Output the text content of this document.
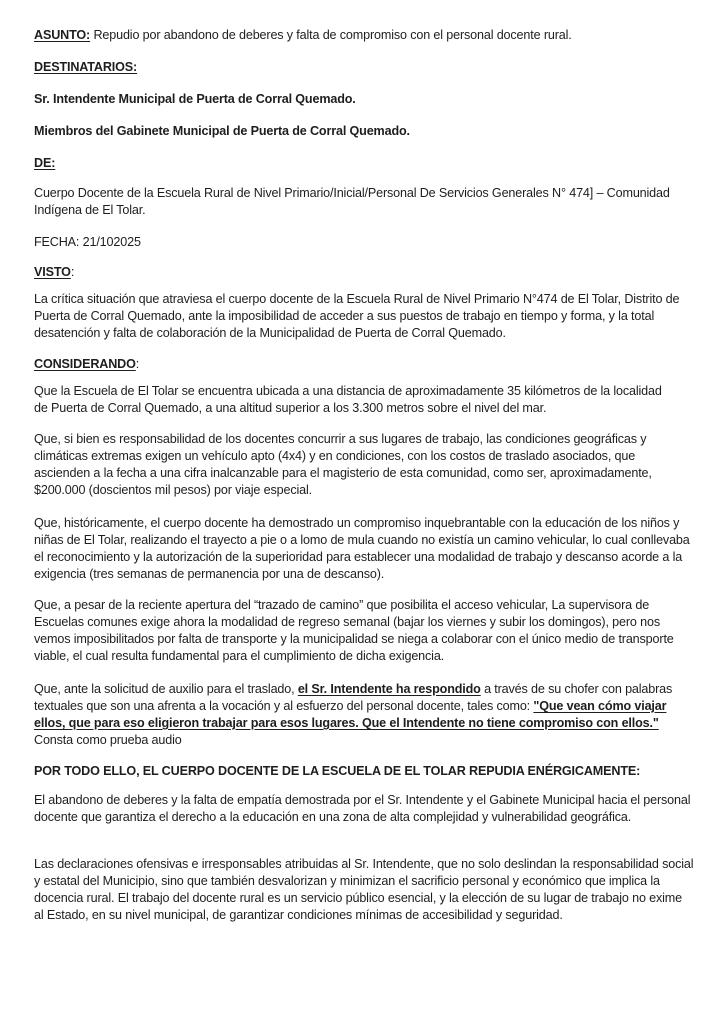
ASUNTO: Repudio por abandono de deberes y falta de compromiso con el personal docente rural.

DESTINATARIOS:

Sr. Intendente Municipal de Puerta de Corral Quemado.

Miembros del Gabinete Municipal de Puerta de Corral Quemado.

DE:

Cuerpo Docente de la Escuela Rural de Nivel Primario/Inicial/Personal De Servicios Generales N° 474] – Comunidad Indígena de El Tolar.

FECHA: 21/102025

VISTO:

La crítica situación que atraviesa el cuerpo docente de la Escuela Rural de Nivel Primario N°474 de El Tolar, Distrito de Puerta de Corral Quemado, ante la imposibilidad de acceder a sus puestos de trabajo en tiempo y forma, y la total desatención y falta de colaboración de la Municipalidad de Puerta de Corral Quemado.

CONSIDERANDO:

Que la Escuela de El Tolar se encuentra ubicada a una distancia de aproximadamente 35 kilómetros de la localidad de Puerta de Corral Quemado, a una altitud superior a los 3.300 metros sobre el nivel del mar.

Que, si bien es responsabilidad de los docentes concurrir a sus lugares de trabajo, las condiciones geográficas y climáticas extremas exigen un vehículo apto (4x4) y en condiciones, con los costos de traslado asociados, que ascienden a la fecha a una cifra inalcanzable para el magisterio de esta comunidad, como ser, aproximadamente, $200.000 (doscientos mil pesos) por viaje especial.

Que, históricamente, el cuerpo docente ha demostrado un compromiso inquebrantable con la educación de los niños y niñas de El Tolar, realizando el trayecto a pie o a lomo de mula cuando no existía un camino vehicular, lo cual conllevaba el reconocimiento y la autorización de la superioridad para establecer una modalidad de trabajo y descanso acorde a la exigencia (tres semanas de permanencia por una de descanso).

Que, a pesar de la reciente apertura del “trazado de camino” que posibilita el acceso vehicular, La supervisora de Escuelas comunes exige ahora la modalidad de regreso semanal (bajar los viernes y subir los domingos), pero nos vemos imposibilitados por falta de transporte y la municipalidad se niega a colaborar con el único medio de transporte viable, el cual resulta fundamental para el cumplimiento de dicha exigencia.

Que, ante la solicitud de auxilio para el traslado, el Sr. Intendente ha respondido a través de su chofer con palabras textuales que son una afrenta a la vocación y al esfuerzo del personal docente, tales como: "Que vean cómo viajar ellos, que para eso eligieron trabajar para esos lugares. Que el Intendente no tiene compromiso con ellos." Consta como prueba audio

POR TODO ELLO, EL CUERPO DOCENTE DE LA ESCUELA DE EL TOLAR REPUDIA ENÉRGICAMENTE:

El abandono de deberes y la falta de empatía demostrada por el Sr. Intendente y el Gabinete Municipal hacia el personal docente que garantiza el derecho a la educación en una zona de alta complejidad y vulnerabilidad geográfica.

Las declaraciones ofensivas e irresponsables atribuidas al Sr. Intendente, que no solo deslindan la responsabilidad social y estatal del Municipio, sino que también desvalorizan y minimizan el sacrificio personal y económico que implica la docencia rural. El trabajo del docente rural es un servicio público esencial, y la elección de su lugar de trabajo no exime al Estado, en su nivel municipal, de garantizar condiciones mínimas de accesibilidad y seguridad.
